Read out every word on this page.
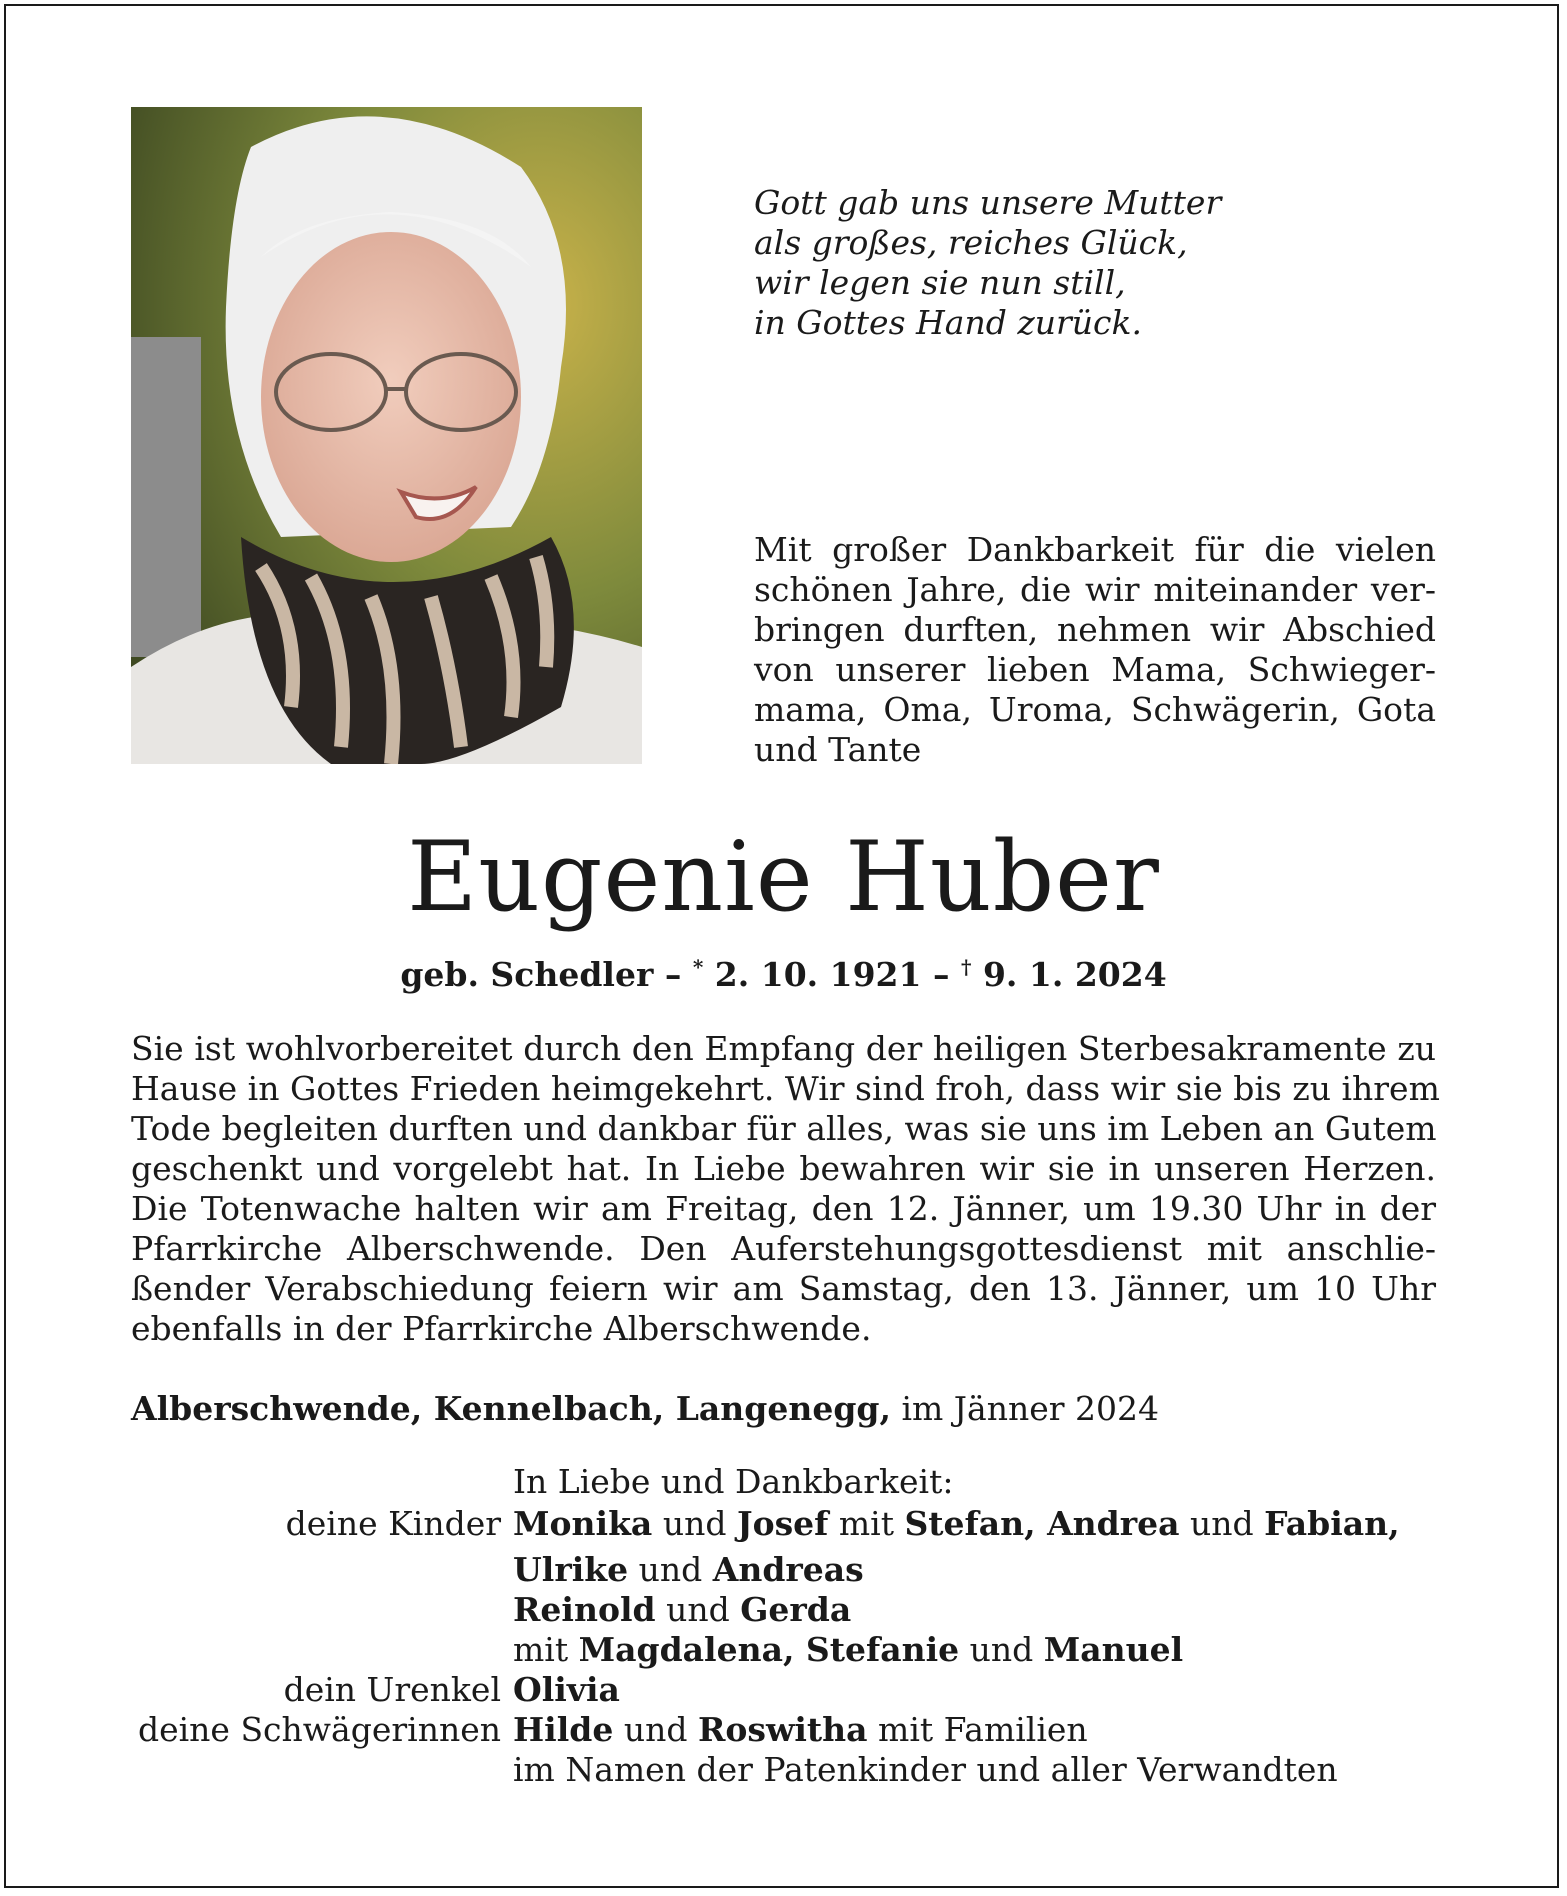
Gott gab uns unsere Mutter
als großes, reiches Glück,
wir legen sie nun still,
in Gottes Hand zurück.
Mit großer Dankbarkeit für die vielen
schönen Jahre, die wir miteinander ver-
bringen durften, nehmen wir Abschied
von unserer lieben Mama, Schwieger-
mama, Oma, Uroma, Schwägerin, Gota
und Tante
Eugenie Huber
geb. Schedler – * 2. 10. 1921 – † 9. 1. 2024
Sie ist wohlvorbereitet durch den Empfang der heiligen Sterbesakramente zu
Hause in Gottes Frieden heimgekehrt. Wir sind froh, dass wir sie bis zu ihrem
Tode begleiten durften und dankbar für alles, was sie uns im Leben an Gutem
geschenkt und vorgelebt hat. In Liebe bewahren wir sie in unseren Herzen.
Die Totenwache halten wir am Freitag, den 12. Jänner, um 19.30 Uhr in der
Pfarrkirche Alberschwende. Den Auferstehungsgottesdienst mit anschlie-
ßender Verabschiedung feiern wir am Samstag, den 13. Jänner, um 10 Uhr
ebenfalls in der Pfarrkirche Alberschwende.
Alberschwende, Kennelbach, Langenegg, im Jänner 2024
In Liebe und Dankbarkeit:
deine Kinder Monika und Josef mit Stefan, Andrea und Fabian,
Ulrike und Andreas
Reinold und Gerda
mit Magdalena, Stefanie und Manuel
dein Urenkel Olivia
deine Schwägerinnen Hilde und Roswitha mit Familien
im Namen der Patenkinder und aller Verwandten
